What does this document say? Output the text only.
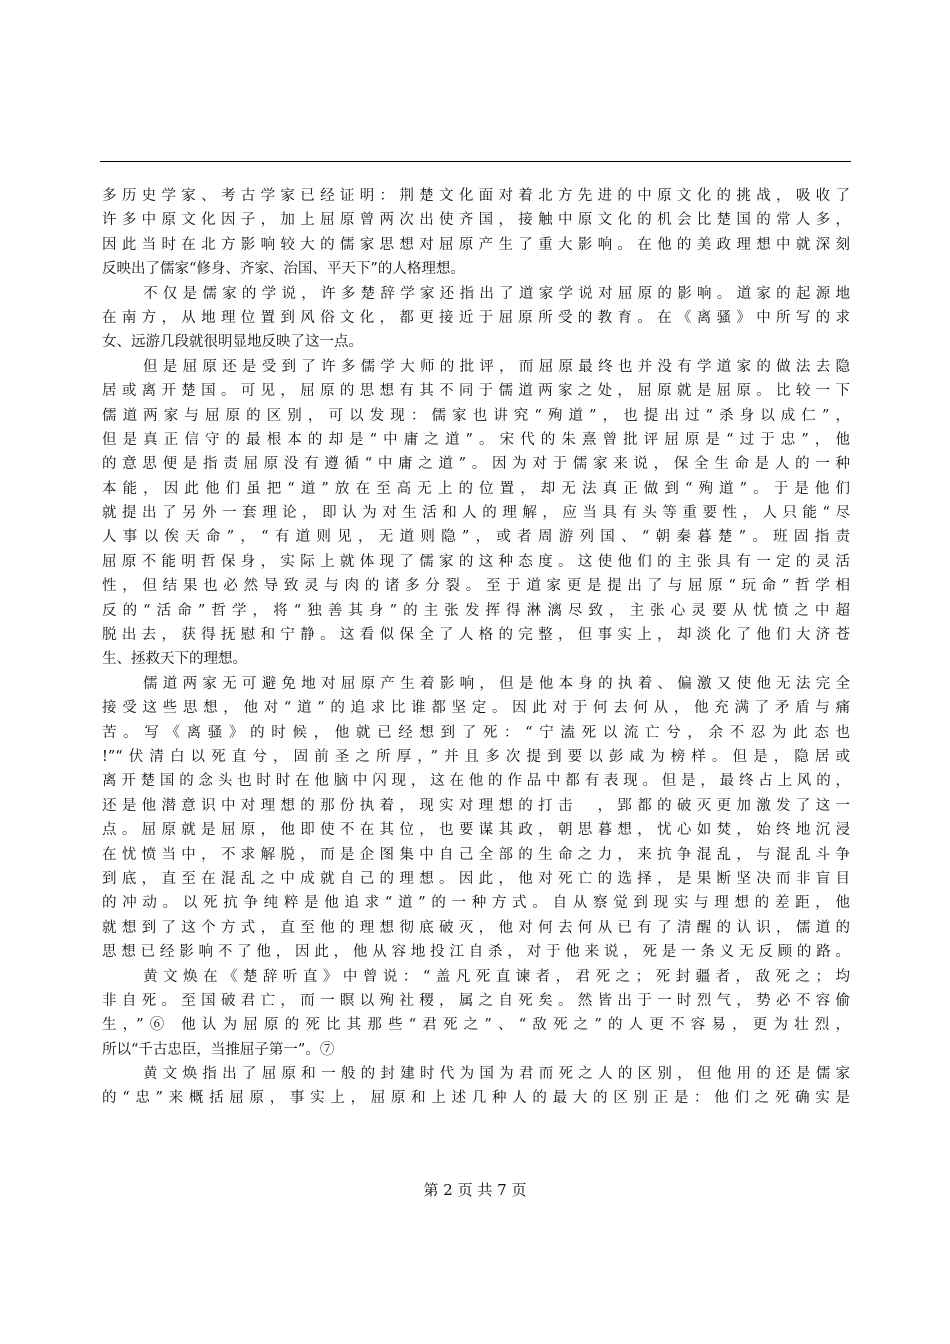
多历史学家、考古学家已经证明：荆楚文化面对着北方先进的中原文化的挑战，吸收了
许多中原文化因子，加上屈原曾两次出使齐国，接触中原文化的机会比楚国的常人多，
因此当时在北方影响较大的儒家思想对屈原产生了重大影响。在他的美政理想中就深刻
反映出了儒家“修身、齐家、治国、平天下”的人格理想。
不仅是儒家的学说，许多楚辞学家还指出了道家学说对屈原的影响。道家的起源地
在南方，从地理位置到风俗文化，都更接近于屈原所受的教育。在《离骚》中所写的求
女、远游几段就很明显地反映了这一点。
但是屈原还是受到了许多儒学大师的批评，而屈原最终也并没有学道家的做法去隐
居或离开楚国。可见，屈原的思想有其不同于儒道两家之处，屈原就是屈原。比较一下
儒道两家与屈原的区别，可以发现：儒家也讲究“殉道”，也提出过“杀身以成仁”，
但是真正信守的最根本的却是“中庸之道”。宋代的朱熹曾批评屈原是“过于忠”，他
的意思便是指责屈原没有遵循“中庸之道”。因为对于儒家来说，保全生命是人的一种
本能，因此他们虽把“道”放在至高无上的位置，却无法真正做到“殉道”。于是他们
就提出了另外一套理论，即认为对生活和人的理解，应当具有头等重要性，人只能“尽
人事以俟天命”，“有道则见，无道则隐”，或者周游列国、“朝秦暮楚”。班固指责
屈原不能明哲保身，实际上就体现了儒家的这种态度。这使他们的主张具有一定的灵活
性，但结果也必然导致灵与肉的诸多分裂。至于道家更是提出了与屈原“玩命”哲学相
反的“活命”哲学，将“独善其身”的主张发挥得淋漓尽致，主张心灵要从忧愤之中超
脱出去，获得抚慰和宁静。这看似保全了人格的完整，但事实上，却淡化了他们大济苍
生、拯救天下的理想。
儒道两家无可避免地对屈原产生着影响，但是他本身的执着、偏激又使他无法完全
接受这些思想，他对“道”的追求比谁都坚定。因此对于何去何从，他充满了矛盾与痛
苦。写《离骚》的时候，他就已经想到了死：“宁溘死以流亡兮，余不忍为此态也
!”“伏清白以死直兮，固前圣之所厚，”并且多次提到要以彭咸为榜样。但是，隐居或
离开楚国的念头也时时在他脑中闪现，这在他的作品中都有表现。但是，最终占上风的，
还是他潜意识中对理想的那份执着，现实对理想的打击　，郢都的破灭更加激发了这一
点。屈原就是屈原，他即使不在其位，也要谋其政，朝思暮想，忧心如焚，始终地沉浸
在忧愤当中，不求解脱，而是企图集中自己全部的生命之力，来抗争混乱，与混乱斗争
到底，直至在混乱之中成就自己的理想。因此，他对死亡的选择，是果断坚决而非盲目
的冲动。以死抗争纯粹是他追求“道”的一种方式。自从察觉到现实与理想的差距，他
就想到了这个方式，直至他的理想彻底破灭，他对何去何从已有了清醒的认识，儒道的
思想已经影响不了他，因此，他从容地投江自杀，对于他来说，死是一条义无反顾的路。
黄文焕在《楚辞听直》中曾说：“盖凡死直谏者，君死之；死封疆者，敌死之；均
非自死。至国破君亡，而一瞑以殉社稷，属之自死矣。然皆出于一时烈气，势必不容偷
生，”⑥ 他认为屈原的死比其那些“君死之”、“敌死之”的人更不容易，更为壮烈，
所以“千古忠臣，当推屈子第一”。⑦
黄文焕指出了屈原和一般的封建时代为国为君而死之人的区别，但他用的还是儒家
的“忠”来概括屈原，事实上，屈原和上述几种人的最大的区别正是：他们之死确实是
第 2 页 共 7 页
